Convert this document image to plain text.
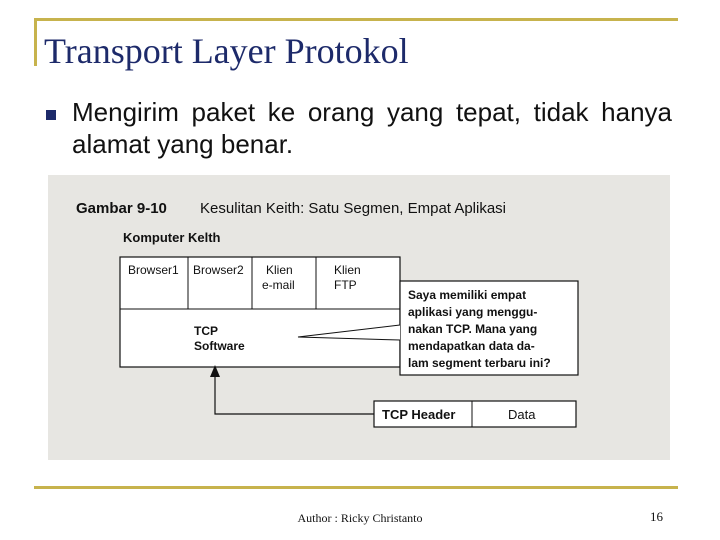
Transport Layer Protokol
Mengirim paket ke orang yang tepat, tidak hanya alamat yang benar.
Gambar 9-10 Kesulitan Keith: Satu Segmen, Empat Aplikasi
Komputer Kelth
Browser1 Browser2	Klien e-mail
Klien FTP
TCP Software
Saya memiliki empat aplikasi yang menggu- nakan TCP. Mana yang mendapatkan data da- lam segment terbaru ini?
TCP Header	Data
Author : Ricky Christanto	16
